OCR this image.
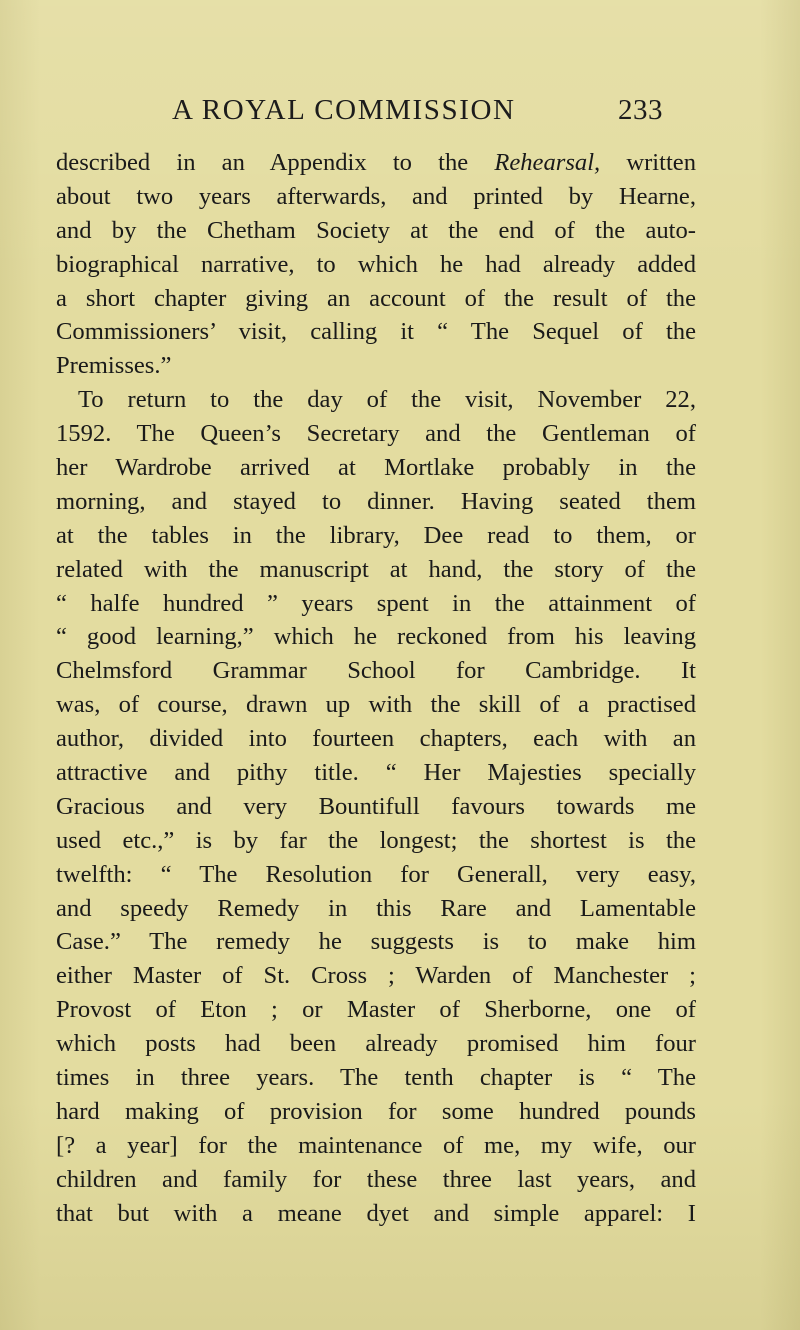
A ROYAL COMMISSION	233
described in an Appendix to the Rehearsal, written
about two years afterwards, and printed by Hearne,
and by the Chetham Society at the end of the auto-
biographical narrative, to which he had already added
a short chapter giving an account of the result of the
Commissioners’ visit, calling it “ The Sequel of the
Premisses.”
To return to the day of the visit, November 22,
1592. The Queen’s Secretary and the Gentleman of
her Wardrobe arrived at Mortlake probably in the
morning, and stayed to dinner. Having seated them
at the tables in the library, Dee read to them, or
related with the manuscript at hand, the story of the
“ halfe hundred ” years spent in the attainment of
“ good learning,” which he reckoned from his leaving
Chelmsford Grammar School for Cambridge. It
was, of course, drawn up with the skill of a practised
author, divided into fourteen chapters, each with an
attractive and pithy title. “ Her Majesties specially
Gracious and very Bountifull favours towards me
used etc.,” is by far the longest; the shortest is the
twelfth: “ The Resolution for Generall, very easy,
and speedy Remedy in this Rare and Lamentable
Case.” The remedy he suggests is to make him
either Master of St. Cross ; Warden of Manchester ;
Provost of Eton ; or Master of Sherborne, one of
which posts had been already promised him four
times in three years. The tenth chapter is “ The
hard making of provision for some hundred pounds
[? a year] for the maintenance of me, my wife, our
children and family for these three last years, and
that but with a meane dyet and simple apparel: I
